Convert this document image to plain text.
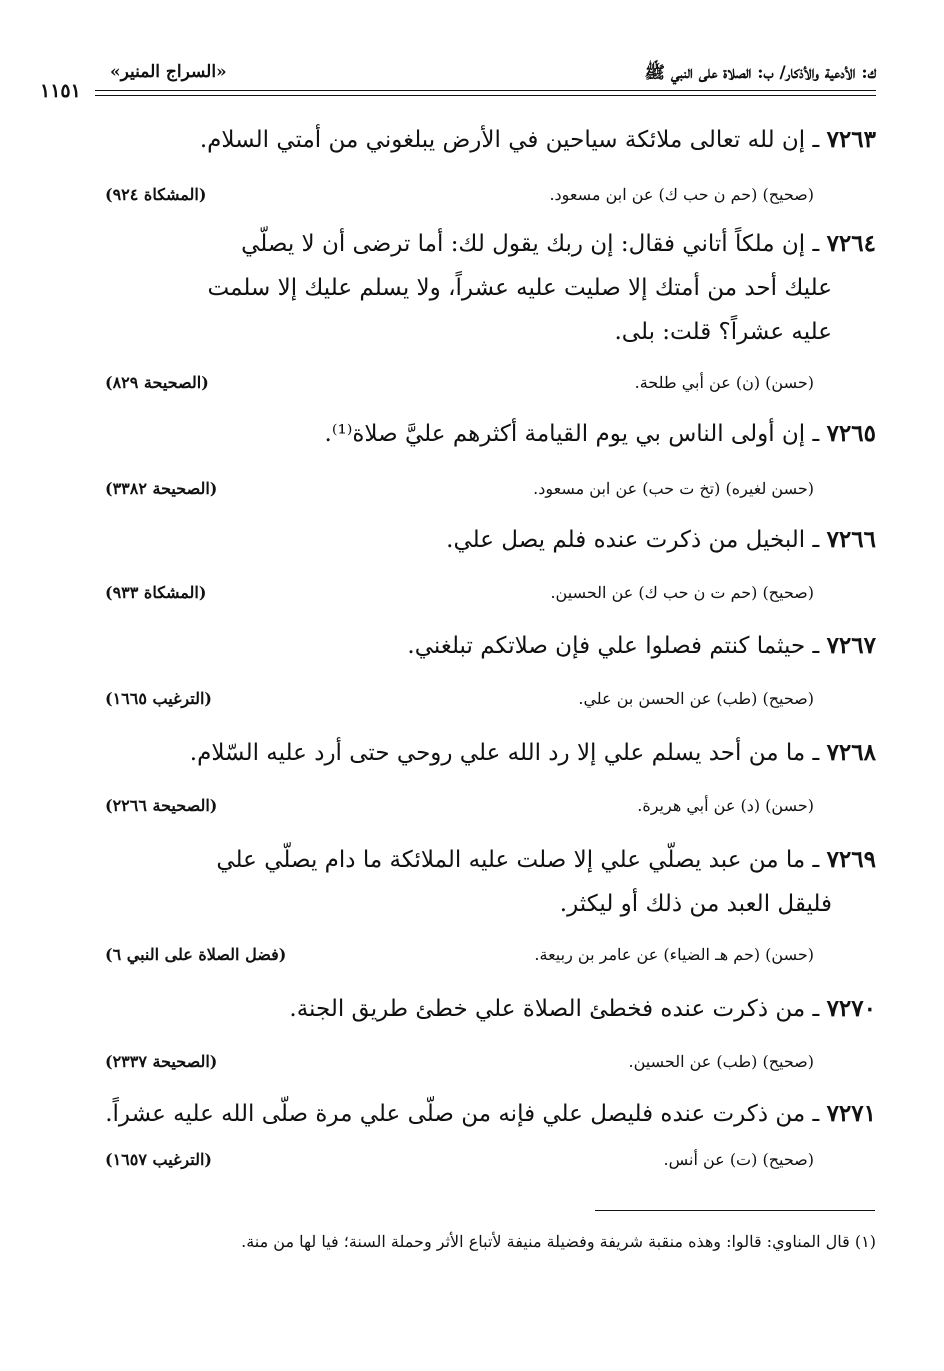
ك: الأدعية والأذكار/ ب: الصلاة على النبي ﷺ
«السراج المنير»
١١٥١
٧٢٦٣ ـ إن لله تعالى ملائكة سياحين في الأرض يبلغوني من أمتي السلام.
(صحيح) (حم ن حب ك) عن ابن مسعود.
(المشكاة ٩٢٤)
٧٢٦٤ ـ إن ملكاً أتاني فقال: إن ربك يقول لك: أما ترضى أن لا يصلّي
عليك أحد من أمتك إلا صليت عليه عشراً، ولا يسلم عليك إلا سلمت
عليه عشراً؟ قلت: بلى.
(حسن) (ن) عن أبي طلحة.
(الصحيحة ٨٢٩)
٧٢٦٥ ـ إن أولى الناس بي يوم القيامة أكثرهم عليَّ صلاة⁽¹⁾.
(حسن لغيره) (تخ ت حب) عن ابن مسعود.
(الصحيحة ٣٣٨٢)
٧٢٦٦ ـ البخيل من ذكرت عنده فلم يصل علي.
(صحيح) (حم ت ن حب ك) عن الحسين.
(المشكاة ٩٣٣)
٧٢٦٧ ـ حيثما كنتم فصلوا علي فإن صلاتكم تبلغني.
(صحيح) (طب) عن الحسن بن علي.
(الترغيب ١٦٦٥)
٧٢٦٨ ـ ما من أحد يسلم علي إلا رد الله علي روحي حتى أرد عليه السّلام.
(حسن) (د) عن أبي هريرة.
(الصحيحة ٢٢٦٦)
٧٢٦٩ ـ ما من عبد يصلّي علي إلا صلت عليه الملائكة ما دام يصلّي علي
فليقل العبد من ذلك أو ليكثر.
(حسن) (حم هـ الضياء) عن عامر بن ربيعة.
(فضل الصلاة على النبي ٦)
٧٢٧٠ ـ من ذكرت عنده فخطئ الصلاة علي خطئ طريق الجنة.
(صحيح) (طب) عن الحسين.
(الصحيحة ٢٣٣٧)
٧٢٧١ ـ من ذكرت عنده فليصل علي فإنه من صلّى علي مرة صلّى الله عليه عشراً.
(صحيح) (ت) عن أنس.
(الترغيب ١٦٥٧)
(١) قال المناوي: قالوا: وهذه منقبة شريفة وفضيلة منيفة لأتباع الأثر وحملة السنة؛ فيا لها من منة.
